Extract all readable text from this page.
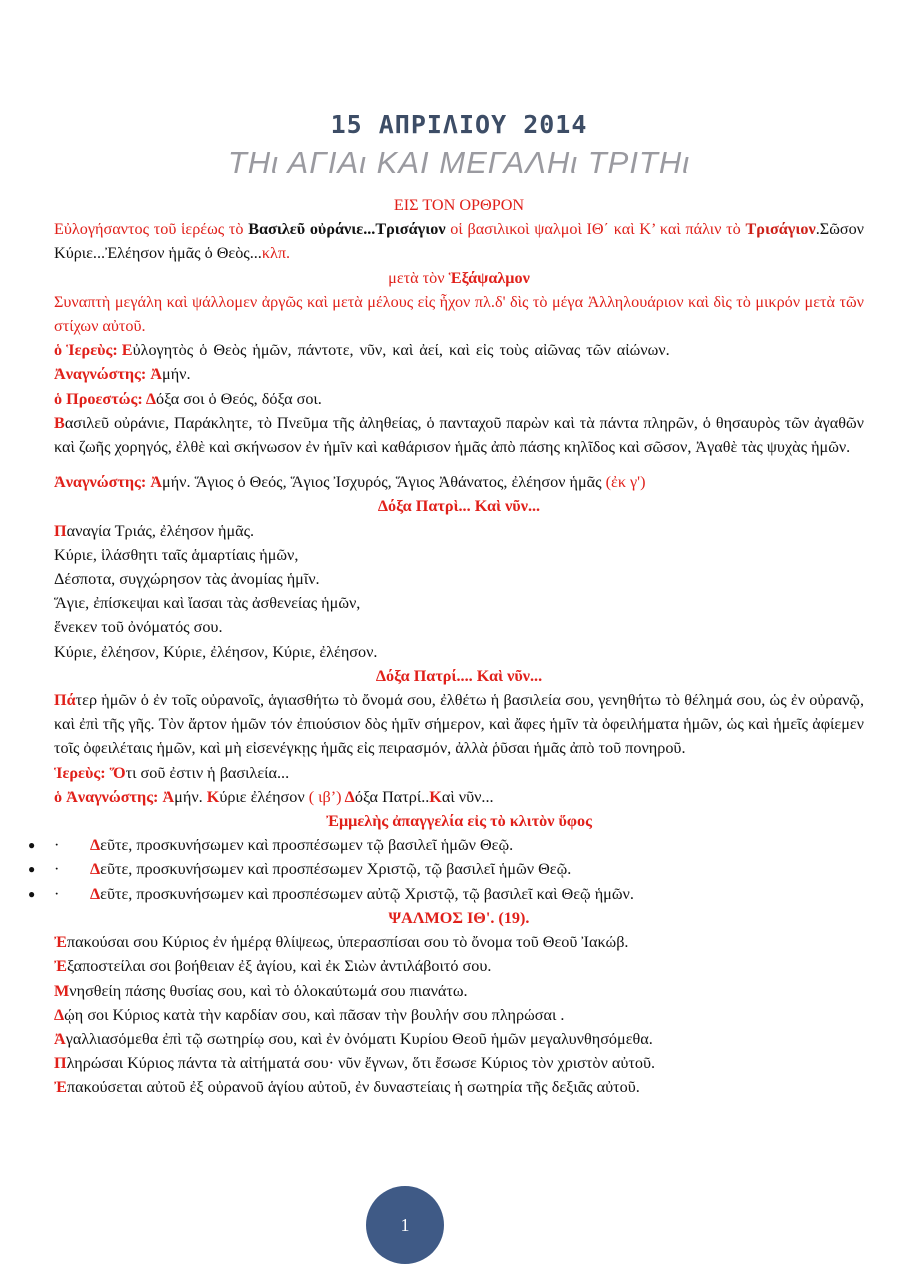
15 ΑΠΡΙΛΙΟΥ 2014
ΤΗι ΑΓΙΑι ΚΑΙ ΜΕΓΑΛΗι ΤΡΙΤΗι
ΕΙΣ ΤΟΝ ΟΡΘΡΟΝ
Εὐλογήσαντος τοῦ ἱερέως τὸ Βασιλεῦ οὐράνιε...Τρισάγιον οἱ βασιλικοὶ ψαλμοὶ ΙΘ΄ καὶ Κ’ καὶ πάλιν τὸ Τρισάγιον.Σῶσον Κύριε...Ἐλέησον ἡμᾶς ὁ Θεὸς...κλπ.
μετὰ τὸν Ἑξάψαλμον
Συναπτὴ μεγάλη καὶ ψάλλομεν ἀργῶς καὶ μετὰ μέλους εἰς ἦχον πλ.δ' δὶς τὸ μέγα Ἀλληλουάριον καὶ δὶς τὸ μικρόν μετὰ τῶν στίχων αὐτοῦ.
ὁ Ἱερεὺς: Εὐλογητὸς ὁ Θεὸς ἡμῶν, πάντοτε, νῦν, καὶ ἀεί, καὶ εἰς τοὺς αἰῶνας τῶν αἰώνων.
Ἀναγνώστης: Ἀμήν.
ὁ Προεστώς: Δόξα σοι ὁ Θεός, δόξα σοι.
Βασιλεῦ οὐράνιε, Παράκλητε, τὸ Πνεῦμα τῆς ἀληθείας, ὁ πανταχοῦ παρὼν καὶ τὰ πάντα πληρῶν, ὁ θησαυρὸς τῶν ἀγαθῶν καὶ ζωῆς χορηγός, ἐλθὲ καὶ σκήνωσον ἐν ἡμῖν καὶ καθάρισον ἡμᾶς ἀπὸ πάσης κηλῖδος καὶ σῶσον, Ἀγαθὲ τὰς ψυχὰς ἡμῶν.
Ἀναγνώστης: Ἀμήν. Ἅγιος ὁ Θεός, Ἅγιος Ἰσχυρός, Ἅγιος Ἀθάνατος, ἐλέησον ἡμᾶς (ἐκ γ')
Δόξα Πατρὶ... Καὶ νῦν...
Παναγία Τριάς, ἐλέησον ἡμᾶς.
Κύριε, ἱλάσθητι ταῖς ἁμαρτίαις ἡμῶν,
Δέσποτα, συγχώρησον τὰς ἀνομίας ἡμῖν.
Ἅγιε, ἐπίσκεψαι καὶ ἴασαι τὰς ἀσθενείας ἡμῶν,
ἕνεκεν τοῦ ὀνόματός σου.
Κύριε, ἐλέησον, Κύριε, ἐλέησον, Κύριε, ἐλέησον.
Δόξα Πατρί.... Καὶ νῦν...
Πάτερ ἡμῶν ὁ ἐν τοῖς οὐρανοῖς, ἁγιασθήτω τὸ ὄνομά σου, ἐλθέτω ἡ βασιλεία σου, γενηθήτω τὸ θέλημά σου, ὡς ἐν οὐρανῷ, καὶ ἐπὶ τῆς γῆς. Τὸν ἄρτον ἡμῶν τόν ἐπιούσιον δὸς ἡμῖν σήμερον, καὶ ἄφες ἡμῖν τὰ ὀφειλήματα ἡμῶν, ὡς καὶ ἡμεῖς ἀφίεμεν τοῖς ὀφειλέταις ἡμῶν, καὶ μὴ εἰσενέγκῃς ἡμᾶς εἰς πειρασμόν, ἀλλὰ ῥῦσαι ἡμᾶς ἀπὸ τοῦ πονηροῦ.
Ἱερεὺς: Ὅτι σοῦ ἐστιν ἡ βασιλεία...
ὁ Ἀναγνώστης: Ἀμήν. Κύριε ἐλέησον ( ιβ’) Δόξα Πατρί..Καὶ νῦν...
Ἐμμελὴς ἀπαγγελία εἰς τὸ κλιτὸν ὕφος
● · Δεῦτε, προσκυνήσωμεν καὶ προσπέσωμεν τῷ βασιλεῖ ἡμῶν Θεῷ.
● · Δεῦτε, προσκυνήσωμεν καὶ προσπέσωμεν Χριστῷ, τῷ βασιλεῖ ἡμῶν Θεῷ.
● · Δεῦτε, προσκυνήσωμεν καὶ προσπέσωμεν αὐτῷ Χριστῷ, τῷ βασιλεῖ καὶ Θεῷ ἡμῶν.
ΨΑΛΜΟΣ ΙΘ'. (19).
Ἐπακούσαι σου Κύριος ἐν ἡμέρᾳ θλίψεως, ὑπερασπίσαι σου τὸ ὄνομα τοῦ Θεοῦ Ἰακώβ.
Ἐξαποστείλαι σοι βοήθειαν ἐξ ἁγίου, καὶ ἐκ Σιὼν ἀντιλάβοιτό σου.
Μνησθείη πάσης θυσίας σου, καὶ τὸ ὁλοκαύτωμά σου πιανάτω.
Δῴη σοι Κύριος κατὰ τὴν καρδίαν σου, καὶ πᾶσαν τὴν βουλήν σου πληρώσαι .
Ἀγαλλιασόμεθα ἐπὶ τῷ σωτηρίῳ σου, καὶ ἐν ὀνόματι Κυρίου Θεοῦ ἡμῶν μεγαλυνθησόμεθα.
Πληρώσαι Κύριος πάντα τὰ αἰτήματά σου· νῦν ἔγνων, ὅτι ἔσωσε Κύριος τὸν χριστὸν αὐτοῦ.
Ἐπακούσεται αὐτοῦ ἐξ οὐρανοῦ ἁγίου αὐτοῦ, ἐν δυναστείαις ἡ σωτηρία τῆς δεξιᾶς αὐτοῦ.
1
